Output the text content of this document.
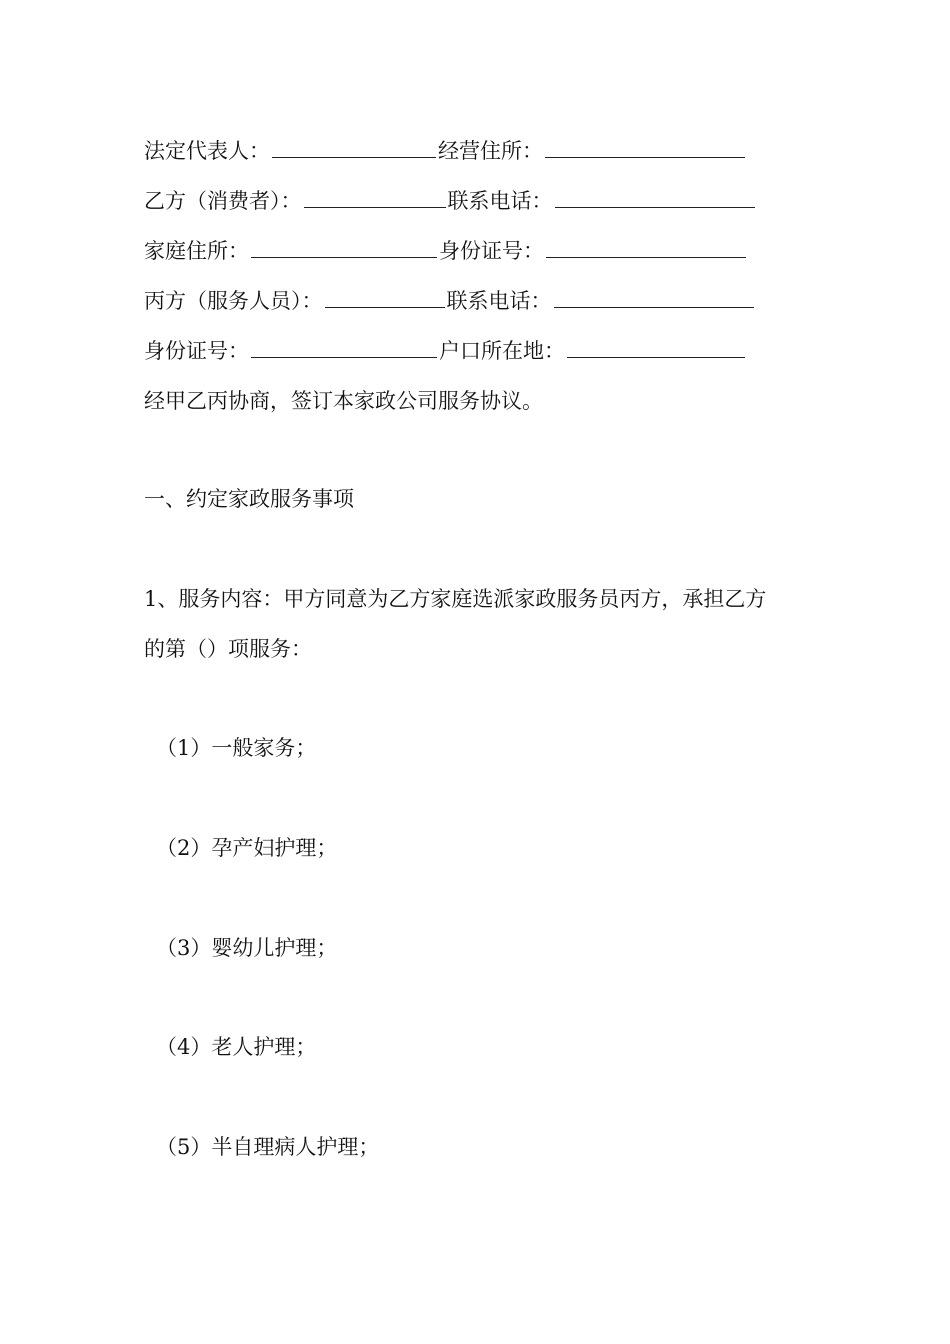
法定代表人：	经营住所：
乙方（消费者）：	联系电话：
家庭住所：	身份证号：
丙方（服务人员）：	联系电话：
身份证号：	户口所在地：
经甲乙丙协商，签订本家政公司服务协议。
一、约定家政服务事项
1、服务内容：甲方同意为乙方家庭选派家政服务员丙方，承担乙方
的第（）项服务：
（1）一般家务；
（2）孕产妇护理；
（3）婴幼儿护理；
（4）老人护理；
（5）半自理病人护理；
